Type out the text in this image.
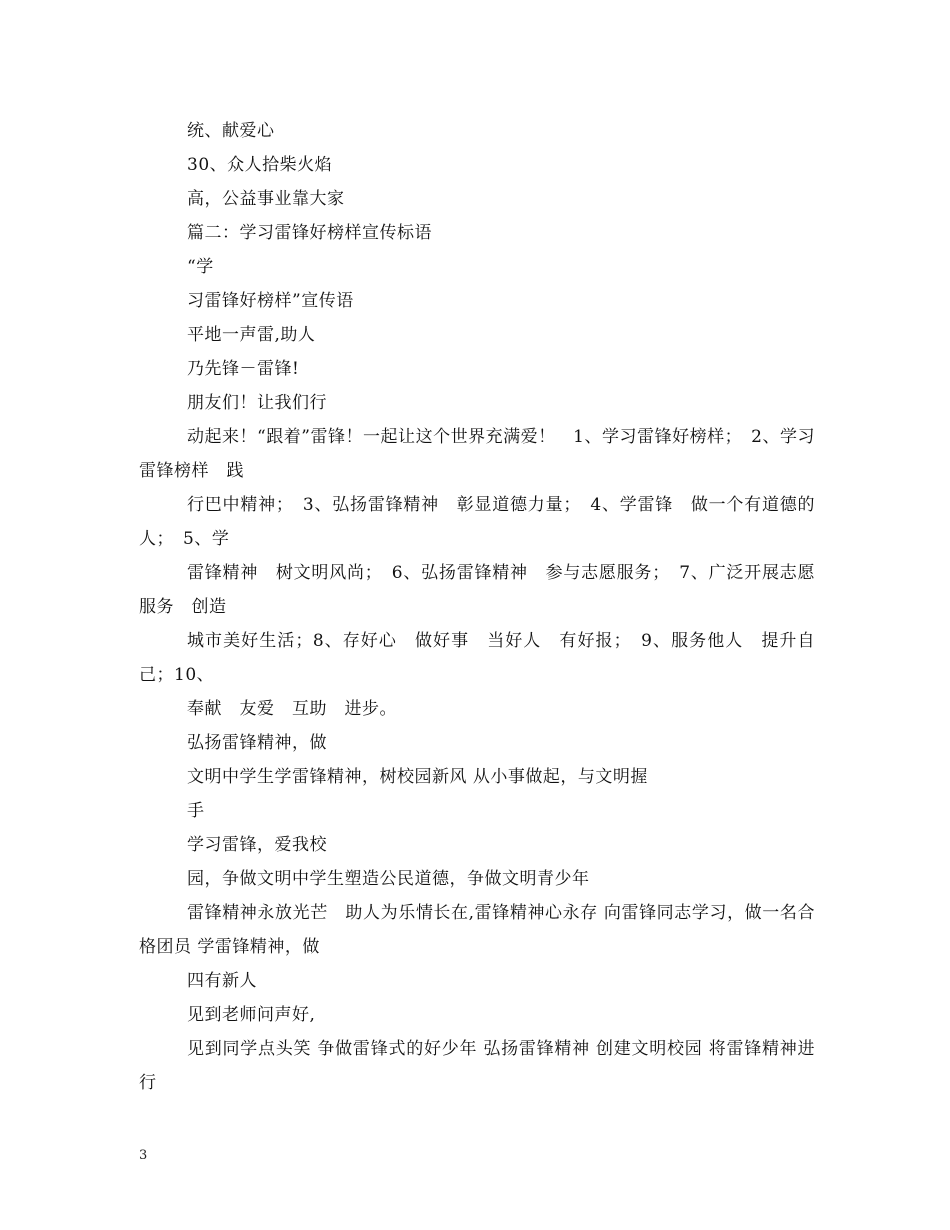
统、献爱心

30、众人拾柴火焰

高，公益事业靠大家

篇二：学习雷锋好榜样宣传标语

“学

习雷锋好榜样”宣传语

平地一声雷,助人

乃先锋－雷锋!

朋友们！让我们行

动起来！“跟着”雷锋！一起让这个世界充满爱！　1、学习雷锋好榜样；　2、学习雷锋榜样　践

行巴中精神；　3、弘扬雷锋精神　彰显道德力量；　4、学雷锋　做一个有道德的人；　5、学

雷锋精神　树文明风尚；　6、弘扬雷锋精神　参与志愿服务；　7、广泛开展志愿服务　创造

城市美好生活；8、存好心　做好事　当好人　有好报；　9、服务他人　提升自己；10、

奉献　友爱　互助　进步。

弘扬雷锋精神，做

文明中学生学雷锋精神，树校园新风 从小事做起，与文明握

手

学习雷锋，爱我校

园，争做文明中学生塑造公民道德，争做文明青少年

雷锋精神永放光芒　助人为乐情长在,雷锋精神心永存 向雷锋同志学习，做一名合格团员 学雷锋精神，做

四有新人

见到老师问声好,

见到同学点头笑 争做雷锋式的好少年 弘扬雷锋精神 创建文明校园 将雷锋精神进行

3
